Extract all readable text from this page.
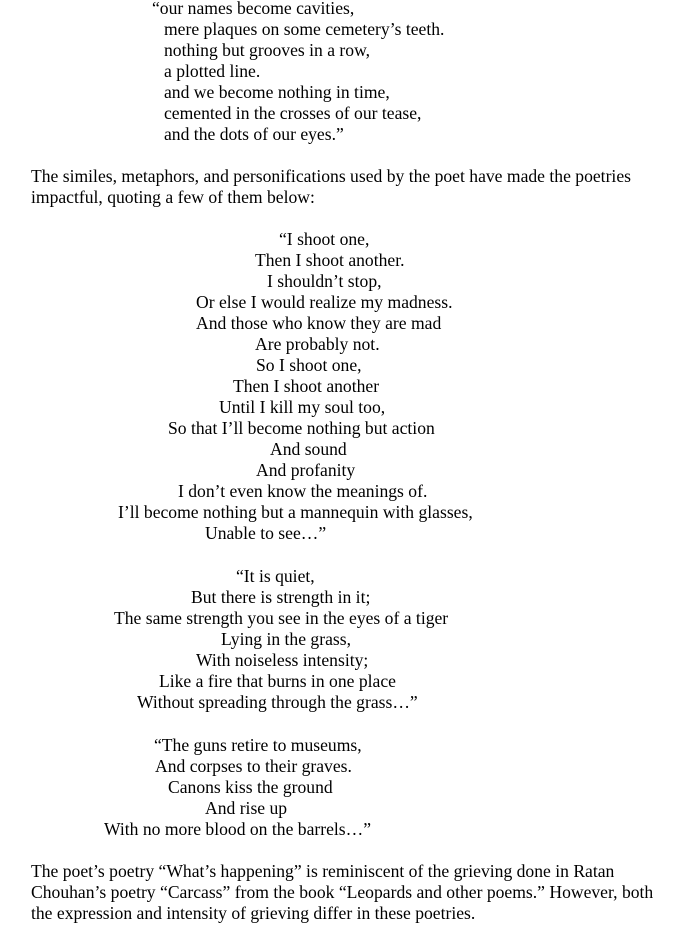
“our names become cavities,
mere plaques on some cemetery’s teeth.
nothing but grooves in a row,
a plotted line.
and we become nothing in time,
cemented in the crosses of our tease,
and the dots of our eyes.”

The similes, metaphors, and personifications used by the poet have made the poetries impactful, quoting a few of them below:

“I shoot one,
Then I shoot another.
I shouldn’t stop,
Or else I would realize my madness.
And those who know they are mad
Are probably not.
So I shoot one,
Then I shoot another
Until I kill my soul too,
So that I’ll become nothing but action
And sound
And profanity
I don’t even know the meanings of.
I’ll become nothing but a mannequin with glasses,
Unable to see…”
“It is quiet,
But there is strength in it;
The same strength you see in the eyes of a tiger
Lying in the grass,
With noiseless intensity;
Like a fire that burns in one place
Without spreading through the grass…”
“The guns retire to museums,
And corpses to their graves.
Canons kiss the ground
And rise up
With no more blood on the barrels…”

The poet’s poetry “What’s happening” is reminiscent of the grieving done in Ratan Chouhan’s poetry “Carcass” from the book “Leopards and other poems.” However, both the expression and intensity of grieving differ in these poetries.
